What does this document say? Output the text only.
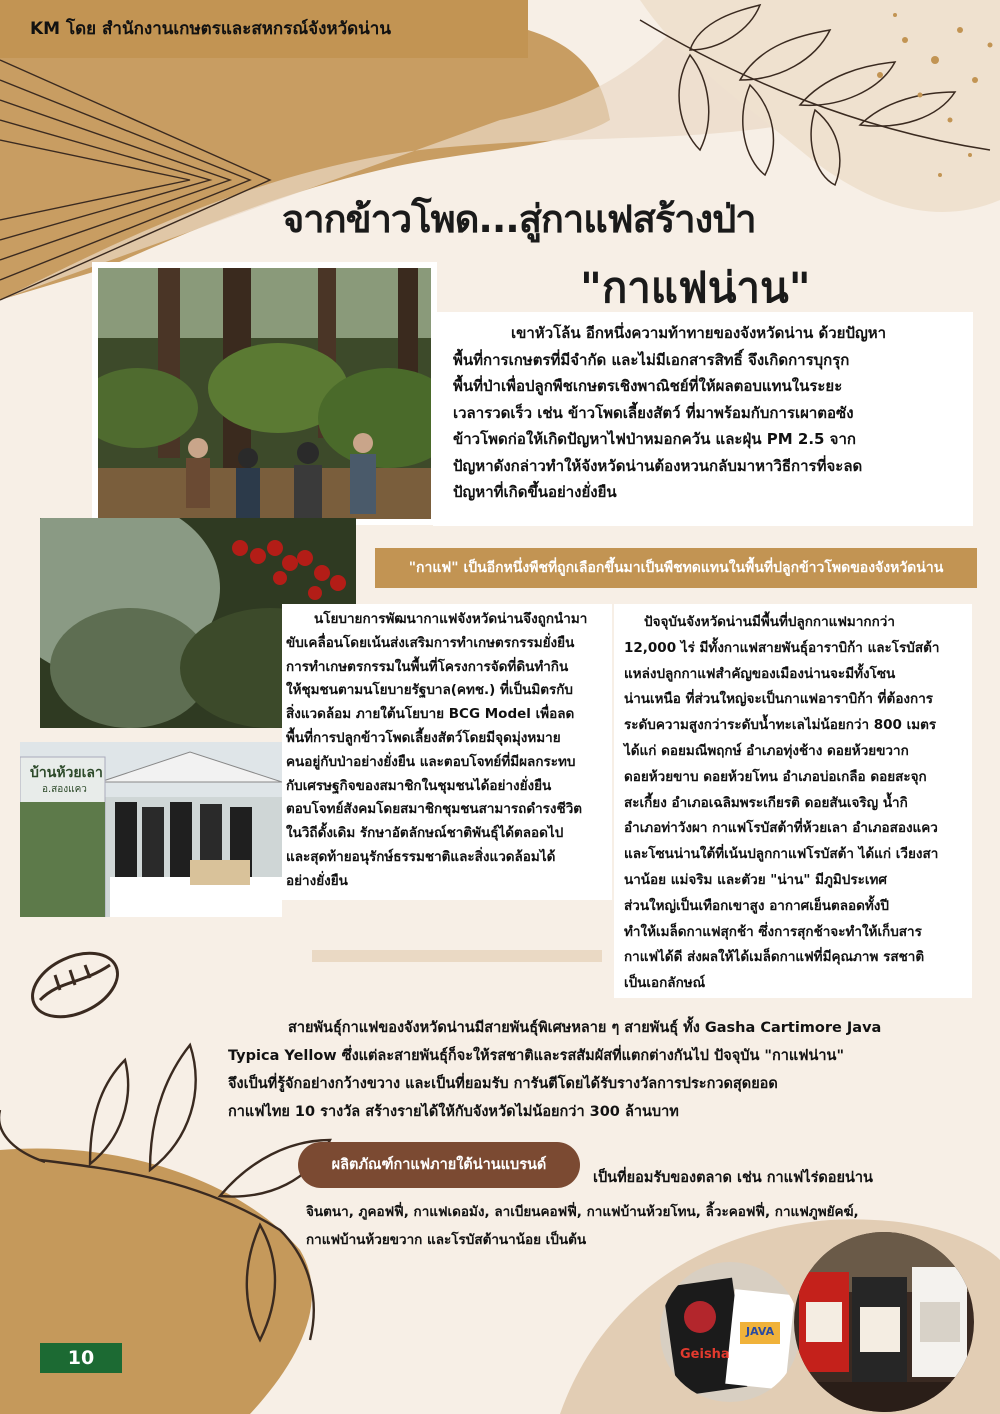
KM โดย สำนักงานเกษตรและสหกรณ์จังหวัดน่าน
จากข้าวโพด...สู่กาแฟสร้างป่า
"กาแฟน่าน"
เขาหัวโล้น อีกหนึ่งความท้าทายของจังหวัดน่าน ด้วยปัญหา
พื้นที่การเกษตรที่มีจำกัด และไม่มีเอกสารสิทธิ์ จึงเกิดการบุกรุก
พื้นที่ป่าเพื่อปลูกพืชเกษตรเชิงพาณิชย์ที่ให้ผลตอบแทนในระยะ
เวลารวดเร็ว เช่น ข้าวโพดเลี้ยงสัตว์ ที่มาพร้อมกับการเผาตอซัง
ข้าวโพดก่อให้เกิดปัญหาไฟป่าหมอกควัน และฝุ่น PM 2.5 จาก
ปัญหาดังกล่าวทำให้จังหวัดน่านต้องหวนกลับมาหาวิธีการที่จะลด
ปัญหาที่เกิดขึ้นอย่างยั่งยืน
"กาแฟ" เป็นอีกหนึ่งพืชที่ถูกเลือกขึ้นมาเป็นพืชทดแทนในพื้นที่ปลูกข้าวโพดของจังหวัดน่าน
บ้านห้วยเลา
อ.สองแคว
นโยบายการพัฒนากาแฟจังหวัดน่านจึงถูกนำมา
ขับเคลื่อนโดยเน้นส่งเสริมการทำเกษตรกรรมยั่งยืน
การทำเกษตรกรรมในพื้นที่โครงการจัดที่ดินทำกิน
ให้ชุมชนตามนโยบายรัฐบาล(คทช.) ที่เป็นมิตรกับ
สิ่งแวดล้อม ภายใต้นโยบาย BCG Model เพื่อลด
พื้นที่การปลูกข้าวโพดเลี้ยงสัตว์โดยมีจุดมุ่งหมาย
คนอยู่กับป่าอย่างยั่งยืน และตอบโจทย์ที่มีผลกระทบ
กับเศรษฐกิจของสมาชิกในชุมชนได้อย่างยั่งยืน
ตอบโจทย์สังคมโดยสมาชิกชุมชนสามารถดำรงชีวิต
ในวิถีดั้งเดิม รักษาอัตลักษณ์ชาติพันธุ์ได้ตลอดไป
และสุดท้ายอนุรักษ์ธรรมชาติและสิ่งแวดล้อมได้
อย่างยั่งยืน
ปัจจุบันจังหวัดน่านมีพื้นที่ปลูกกาแฟมากกว่า
12,000 ไร่ มีทั้งกาแฟสายพันธุ์อาราบิก้า และโรบัสต้า
แหล่งปลูกกาแฟสำคัญของเมืองน่านจะมีทั้งโซน
น่านเหนือ ที่ส่วนใหญ่จะเป็นกาแฟอาราบิก้า ที่ต้องการ
ระดับความสูงกว่าระดับน้ำทะเลไม่น้อยกว่า 800 เมตร
ได้แก่ ดอยมณีพฤกษ์ อำเภอทุ่งช้าง ดอยห้วยขวาก
ดอยห้วยขาบ ดอยห้วยโทน อำเภอบ่อเกลือ ดอยสะจุก
สะเกี้ยง อำเภอเฉลิมพระเกียรติ ดอยสันเจริญ น้ำกิ
อำเภอท่าวังผา กาแฟโรบัสต้าที่ห้วยเลา อำเภอสองแคว
และโซนน่านใต้ที่เน้นปลูกกาแฟโรบัสต้า ได้แก่ เวียงสา
นาน้อย แม่จริม และตัวย "น่าน" มีภูมิประเทศ
ส่วนใหญ่เป็นเทือกเขาสูง อากาศเย็นตลอดทั้งปี
ทำให้เมล็ดกาแฟสุกช้า ซึ่งการสุกช้าจะทำให้เก็บสาร
กาแฟได้ดี ส่งผลให้ได้เมล็ดกาแฟที่มีคุณภาพ รสชาติ
เป็นเอกลักษณ์
สายพันธุ์กาแฟของจังหวัดน่านมีสายพันธุ์พิเศษหลาย ๆ สายพันธุ์ ทั้ง Gasha Cartimore Java
Typica Yellow ซึ่งแต่ละสายพันธุ์ก็จะให้รสชาติและรสสัมผัสที่แตกต่างกันไป ปัจจุบัน "กาแฟน่าน"
จึงเป็นที่รู้จักอย่างกว้างขวาง และเป็นที่ยอมรับ การันตีโดยได้รับรางวัลการประกวดสุดยอด
กาแฟไทย 10 รางวัล สร้างรายได้ให้กับจังหวัดไม่น้อยกว่า 300 ล้านบาท
ผลิตภัณฑ์กาแฟภายใต้น่านแบรนด์
เป็นที่ยอมรับของตลาด เช่น กาแฟไร่ดอยน่าน
จินตนา, ภูคอฟฟี่, กาแฟเดอมัง, ลาเบียนคอฟฟี่, กาแฟบ้านห้วยโทน, ลิ้วะคอฟฟี่, กาแฟภูพยัคฆ์,
กาแฟบ้านห้วยขวาก และโรบัสต้านาน้อย เป็นต้น
Geisha
JAVA
10
